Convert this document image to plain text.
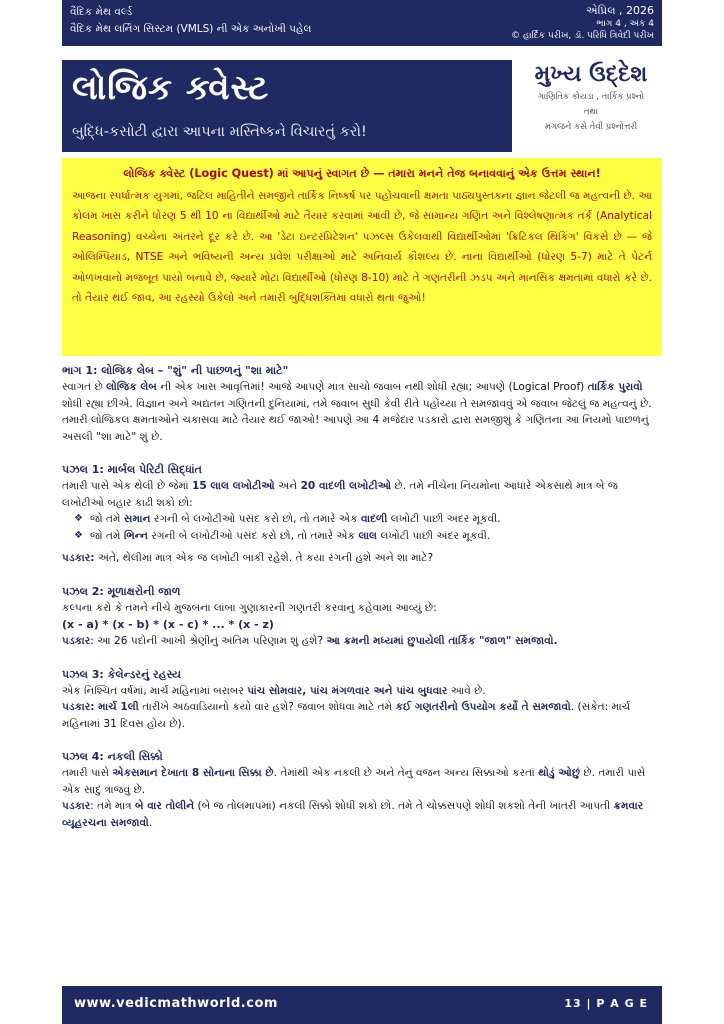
વૈદિક મેથ વર્લ્ડ
વૈદિક મેથ લર્નિંગ સિસ્ટમ (VMLS) ની એક અનોખી પહેલ
એપ્રિલ , 2026
ભાગ 4 , અંક 4
© હાર્દિક પરીખ, ડૉ. પરિધિ ત્રિવેદી પરીખ
લોજિક ક્વેસ્ટ
બુદ્ધિ-કસોટી દ્વારા આપના મસ્તિષ્કને વિચારતું કરો!
મુખ્ય ઉદ્દેશ
ગાણિતિક કોયડા , તાર્કિક પ્રશ્નો
તથા
મગજને કસે તેવી પ્રશ્નોત્તરી
લોજિક ક્વેસ્ટ (Logic Quest) માં આપનું સ્વાગત છે — તમારા મનને તેજ બનાવવાનું એક ઉત્તમ સ્થાન!
આજના સ્પર્ધાત્મક યુગમાં, જટિલ માહિતીને સમજીને તાર્કિક નિષ્કર્ષ પર પહોંચવાની ક્ષમતા પાઠ્યપુસ્તકના જ્ઞાન જેટલી જ મહત્વની છે. આ કોલમ ખાસ કરીને ધોરણ 5 થી 10 ના વિદ્યાર્થીઓ માટે તૈયાર કરવામાં આવી છે, જે સામાન્ય ગણિત અને વિશ્લેષણાત્મક તર્ક (Analytical Reasoning) વચ્ચેના અંતરને દૂર કરે છે. આ 'ડેટા ઇન્ટરપ્રિટેશન' પઝલ્સ ઉકેલવાથી વિદ્યાર્થીઓમાં 'ક્રિટિકલ થિંકિંગ' વિકસે છે — જે ઓલિમ્પિયાડ, NTSE અને ભવિષ્યની અન્ય પ્રવેશ પરીક્ષાઓ માટે અનિવાર્ય કૌશલ્ય છે. નાના વિદ્યાર્થીઓ (ધોરણ 5-7) માટે તે પેટર્ન ઓળખવાનો મજબૂત પાયો બનાવે છે, જ્યારે મોટા વિદ્યાર્થીઓ (ધોરણ 8-10) માટે તે ગણતરીની ઝડપ અને માનસિક ક્ષમતામાં વધારો કરે છે. તો તૈયાર થઈ જાવ, આ રહસ્યો ઉકેલો અને તમારી બુદ્ધિશક્તિમાં વધારો થતા જુઓ!
ભાગ 1: લોજિક લેબ – "શું" ની પાછળનું "શા માટે"
સ્વાગત છે લોજિક લેબ ની એક ખાસ આવૃત્તિમાં! આજે આપણે માત્ર સાચો જવાબ નથી શોધી રહ્યા; આપણે (Logical Proof) તાર્કિક પુરાવો શોધી રહ્યા છીએ. વિજ્ઞાન અને અદ્યતન ગણિતની દુનિયામાં, તમે જવાબ સુધી કેવી રીતે પહોંચ્યા તે સમજાવવું એ જવાબ જેટલું જ મહત્વનું છે.
તમારી લોજિકલ ક્ષમતાઓને ચકાસવા માટે તૈયાર થઈ જાઓ! આપણે આ 4 મજેદાર પડકારો દ્વારા સમજીશું કે ગણિતના આ નિયમો પાછળનું અસલી "શા માટે" શું છે.
પઝલ 1: માર્બલ પેરિટી સિદ્ધાંત
તમારી પાસે એક થેલી છે જેમાં 15 લાલ લખોટીઓ અને 20 વાદળી લખોટીઓ છે. તમે નીચેના નિયમોના આધારે એકસાથે માત્ર બે જ લખોટીઓ બહાર કાઢી શકો છો:
❖ જો તમે સમાન રંગની બે લખોટીઓ પસંદ કરો છો, તો તમારે એક વાદળી લખોટી પાછી અંદર મૂકવી.
❖ જો તમે ભિન્ન રંગની બે લખોટીઓ પસંદ કરો છો, તો તમારે એક લાલ લખોટી પાછી અંદર મૂકવી.
પડકાર: અંતે, થેલીમાં માત્ર એક જ લખોટી બાકી રહેશે. તે કયા રંગની હશે અને શા માટે?
પઝલ 2: મૂળાક્ષરોની જાળ
કલ્પના કરો કે તમને નીચે મુજબના લાંબા ગુણાકારની ગણતરી કરવાનું કહેવામાં આવ્યું છે:
(x - a) * (x - b) * (x - c) * ... * (x - z)
પડકાર: આ 26 પદોની આખી શ્રેણીનું અંતિમ પરિણામ શું હશે? આ ક્રમની મધ્યમાં છુપાયેલી તાર્કિક "જાળ" સમજાવો.
પઝલ 3: કેલેન્ડરનું રહસ્ય
એક નિશ્ચિત વર્ષમાં, માર્ચ મહિનામાં બરાબર પાંચ સોમવાર, પાંચ મંગળવાર અને પાંચ બુધવાર આવે છે.
પડકાર: માર્ચ 1લી તારીખે અઠવાડિયાનો કયો વાર હશે? જવાબ શોધવા માટે તમે કઈ ગણતરીનો ઉપયોગ કર્યો તે સમજાવો. (સંકેત: માર્ચ મહિનામાં 31 દિવસ હોય છે).
પઝલ 4: નકલી સિક્કો
તમારી પાસે એકસમાન દેખાતા 8 સોનાના સિક્કા છે. તેમાંથી એક નકલી છે અને તેનું વજન અન્ય સિક્કાઓ કરતાં થોડું ઓછું છે. તમારી પાસે એક સાદું ત્રાજવું છે.
પડકાર: તમે માત્ર બે વાર તોલીને (બે જ તોલમાપમાં) નકલી સિક્કો શોધી શકો છો. તમે તે ચોક્કસપણે શોધી શકશો તેની ખાતરી આપતી ક્રમવાર વ્યૂહરચના સમજાવો.
www.vedicmathworld.com	13 | P A G E
